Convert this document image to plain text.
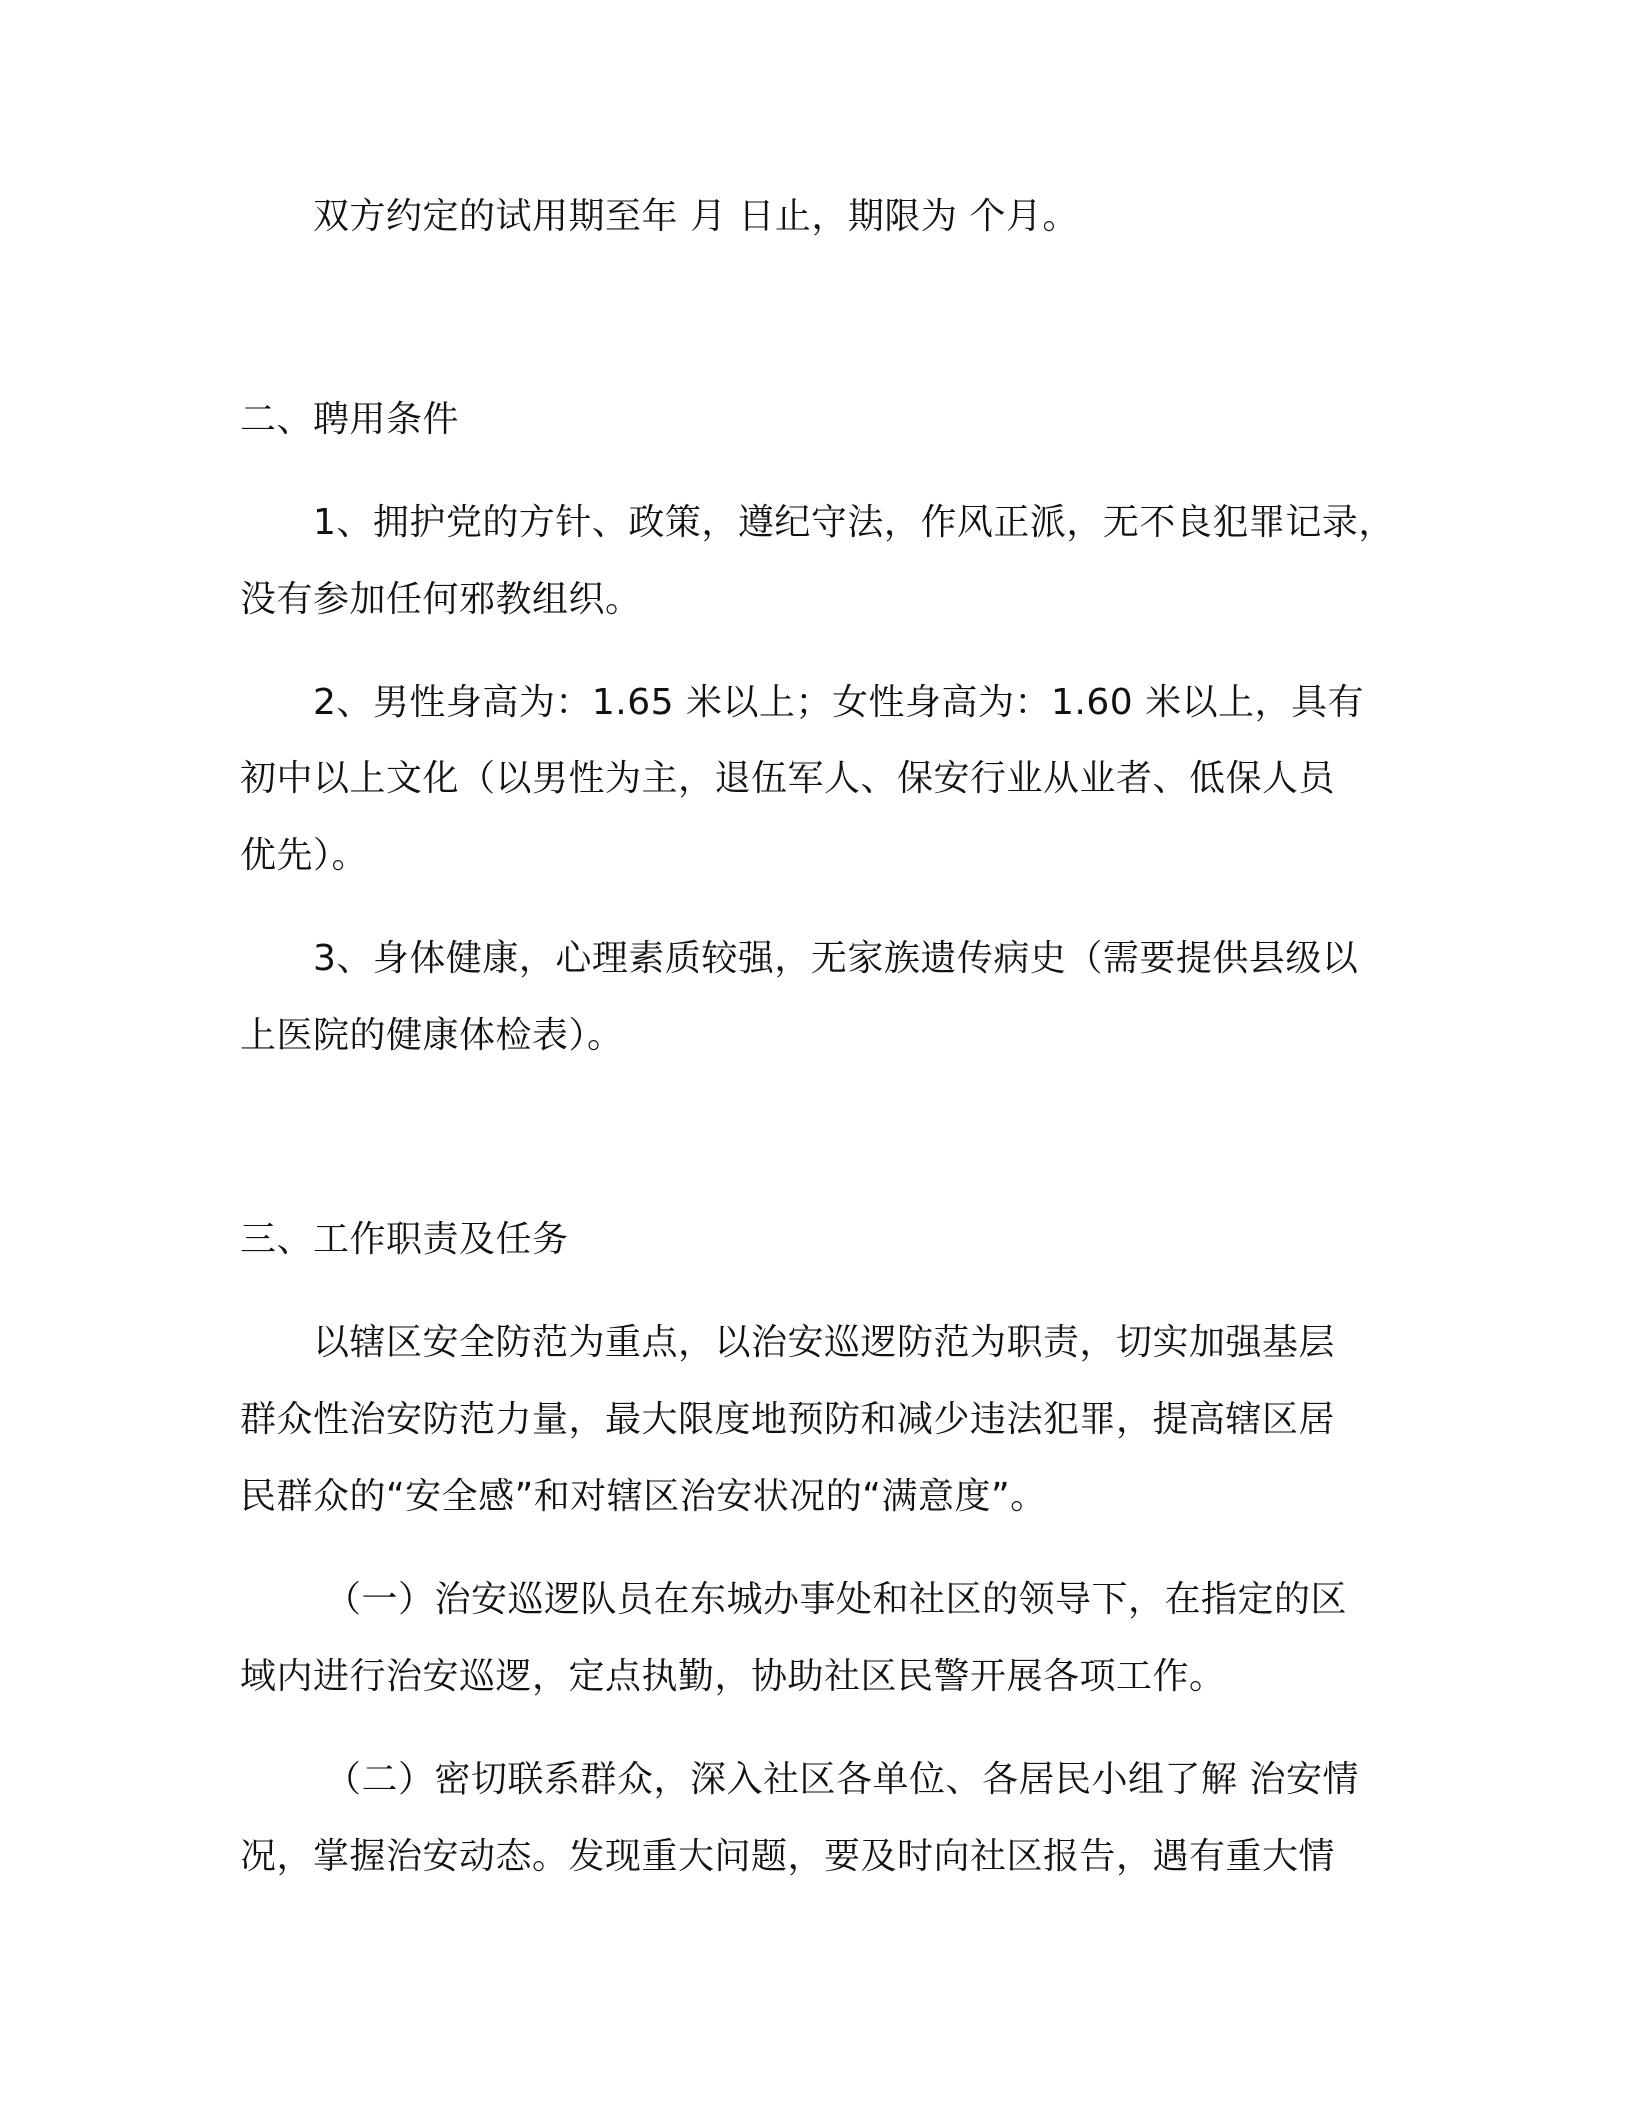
双方约定的试用期至年 月 日止，期限为 个月。
二、聘用条件
1、拥护党的方针、政策，遵纪守法，作风正派，无不良犯罪记录，
没有参加任何邪教组织。
2、男性身高为：1.65 米以上；女性身高为：1.60 米以上，具有
初中以上文化（以男性为主，退伍军人、保安行业从业者、低保人员
优先）。
3、身体健康，心理素质较强，无家族遗传病史（需要提供县级以
上医院的健康体检表）。
三、工作职责及任务
以辖区安全防范为重点，以治安巡逻防范为职责，切实加强基层
群众性治安防范力量，最大限度地预防和减少违法犯罪，提高辖区居
民群众的“安全感”和对辖区治安状况的“满意度”。
（一）治安巡逻队员在东城办事处和社区的领导下，在指定的区
域内进行治安巡逻，定点执勤，协助社区民警开展各项工作。
（二）密切联系群众，深入社区各单位、各居民小组了解 治安情
况，掌握治安动态。发现重大问题，要及时向社区报告，遇有重大情
